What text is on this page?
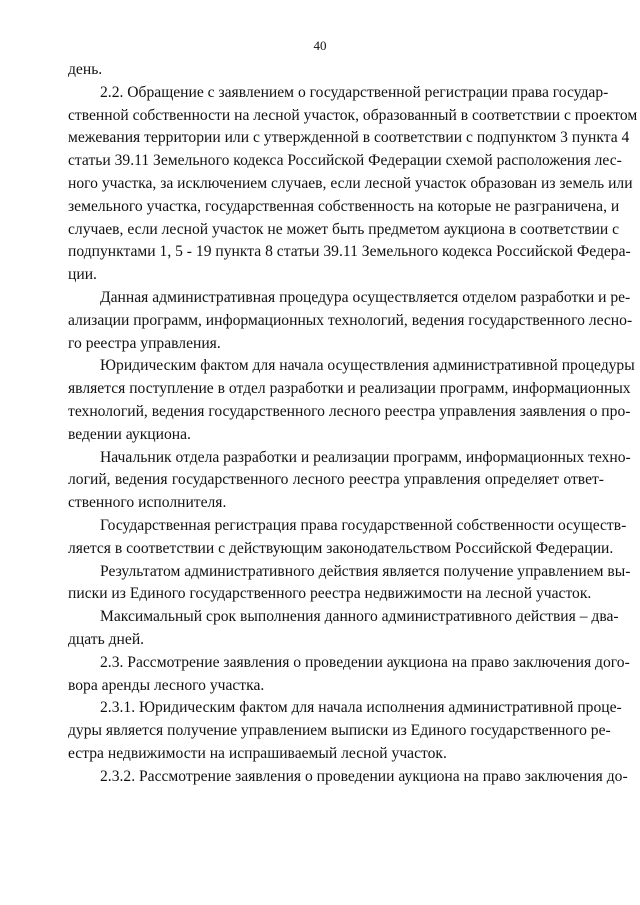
40
день.
2.2. Обращение с заявлением о государственной регистрации права государ-
ственной собственности на лесной участок, образованный в соответствии с проектом
межевания территории или с утвержденной в соответствии с подпунктом 3 пункта 4
статьи 39.11 Земельного кодекса Российской Федерации схемой расположения лес-
ного участка, за исключением случаев, если лесной участок образован из земель или
земельного участка, государственная собственность на которые не разграничена, и
случаев, если лесной участок не может быть предметом аукциона в соответствии с
подпунктами 1, 5 - 19 пункта 8 статьи 39.11 Земельного кодекса Российской Федера-
ции.
Данная административная процедура осуществляется отделом разработки и ре-
ализации программ, информационных технологий, ведения государственного лесно-
го реестра управления.
Юридическим фактом для начала осуществления административной процедуры
является поступление в отдел разработки и реализации программ, информационных
технологий, ведения государственного лесного реестра управления заявления о про-
ведении аукциона.
Начальник отдела разработки и реализации программ, информационных техно-
логий, ведения государственного лесного реестра управления определяет ответ-
ственного исполнителя.
Государственная регистрация права государственной собственности осуществ-
ляется в соответствии с действующим законодательством Российской Федерации.
Результатом административного действия является получение управлением вы-
писки из Единого государственного реестра недвижимости на лесной участок.
Максимальный срок выполнения данного административного действия – два-
дцать дней.
2.3. Рассмотрение заявления о проведении аукциона на право заключения дого-
вора аренды лесного участка.
2.3.1. Юридическим фактом для начала исполнения административной проце-
дуры является получение управлением выписки из Единого государственного ре-
естра недвижимости на испрашиваемый лесной участок.
2.3.2. Рассмотрение заявления о проведении аукциона на право заключения до-
